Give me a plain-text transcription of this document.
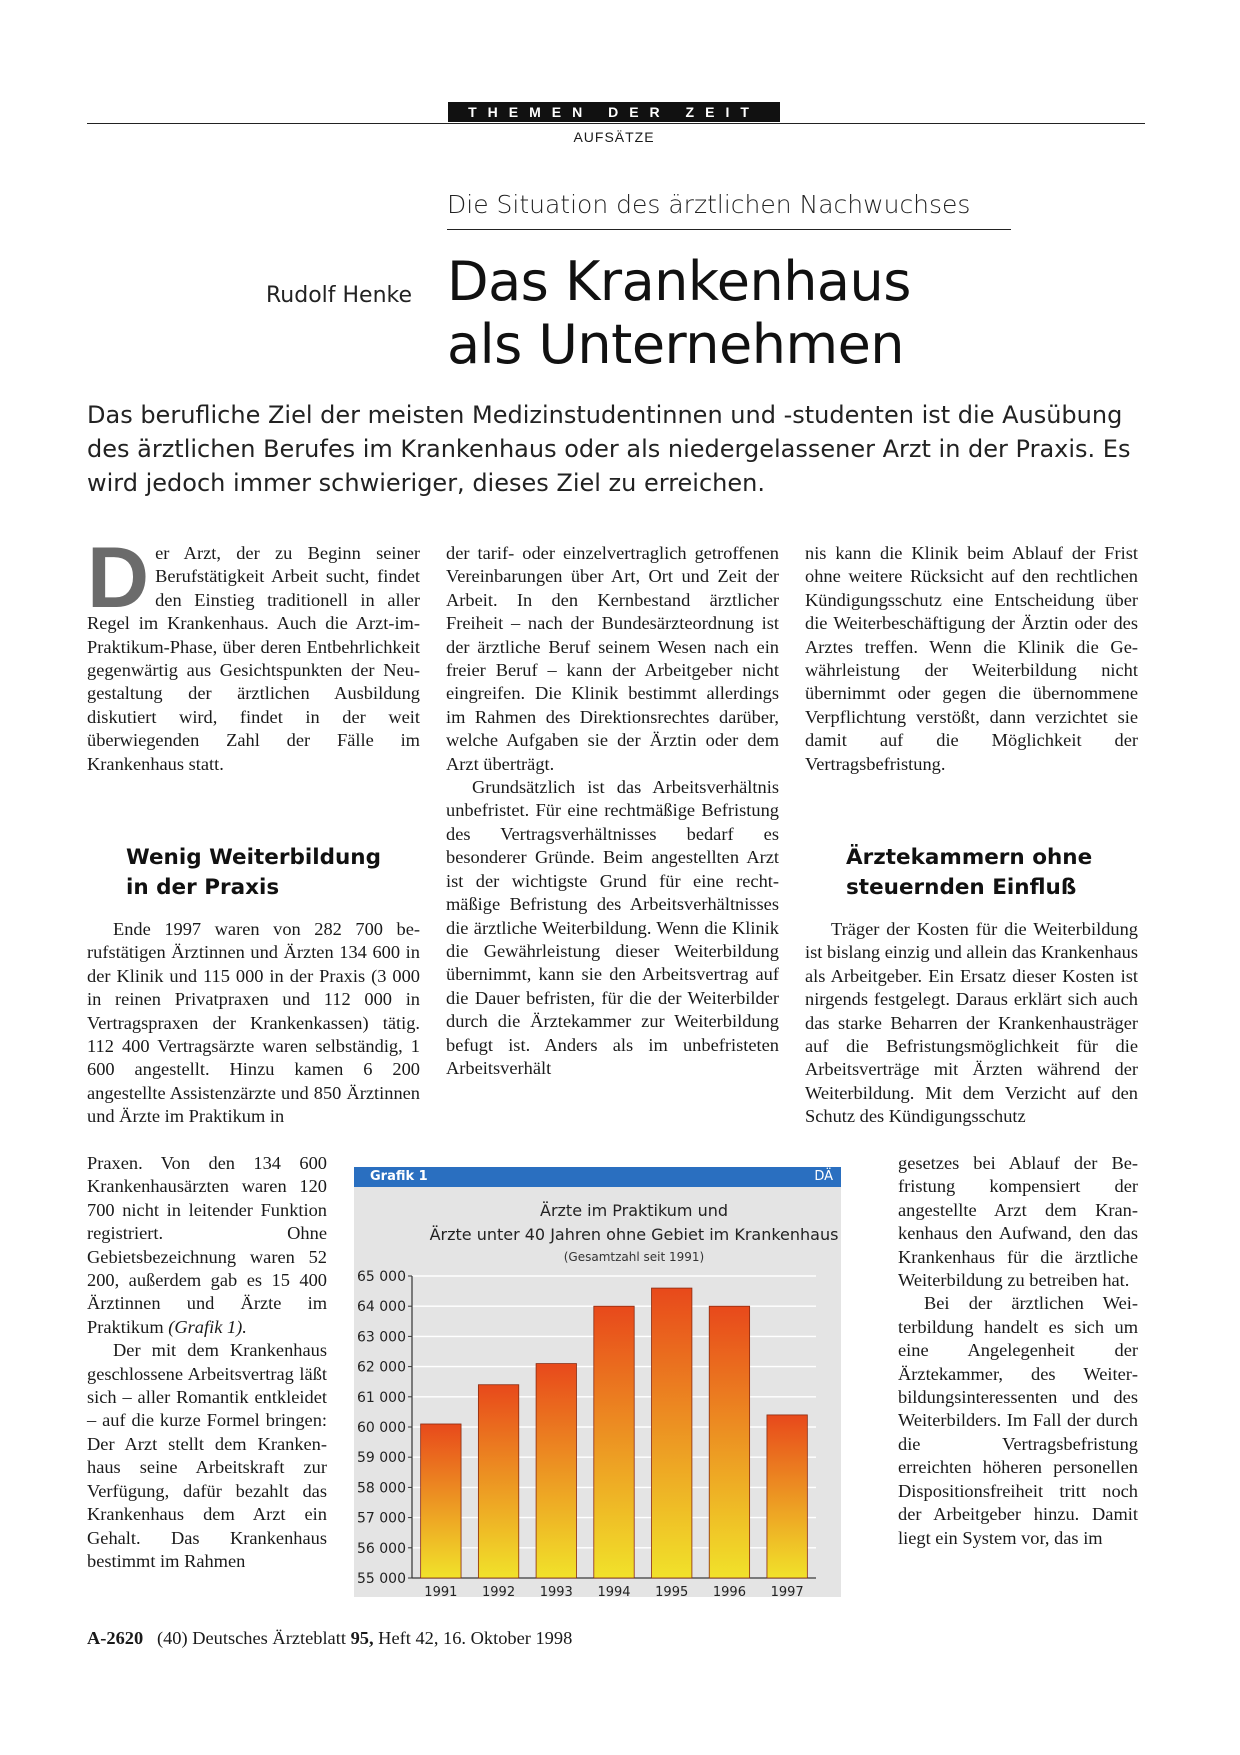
THEMEN DER ZEIT
AUFSÄTZE
Die Situation des ärztlichen Nachwuchses
Rudolf Henke Das Krankenhaus
als Unternehmen
Das berufliche Ziel der meisten Medizinstudentinnen und -studenten ist die Ausübung des ärztlichen Berufes im Krankenhaus oder als niedergelassener Arzt in der Praxis. Es wird jedoch immer schwieriger, dieses Ziel zu erreichen.

Der Arzt, der zu Beginn seiner Berufstätigkeit Arbeit sucht, findet den Einstieg traditionell in aller Regel im Krankenhaus. Auch die Arzt-im-Praktikum-Phase, über deren Entbehrlichkeit gegenwärtig aus Gesichtspunkten der Neugestaltung der ärztlichen Ausbildung diskutiert wird, findet in der weit überwiegenden Zahl der Fälle im Krankenhaus statt.

Wenig Weiterbildung in der Praxis

Ende 1997 waren von 282 700 berufstätigen Ärztinnen und Ärzten 134 600 in der Klinik und 115 000 in der Praxis (3 000 in reinen Privatpraxen und 112 000 in Vertragspraxen der Krankenkassen) tätig. 112 400 Vertragsärzte waren selbständig, 1 600 angestellt. Hinzu kamen 6 200 angestellte Assistenzärzte und 850 Ärztinnen und Ärzte im Praktikum in

Praxen. Von den 134 600 Krankenhausärzten waren 120 700 nicht in leitender Funktion registriert. Ohne Gebietsbezeichnung waren 52 200, außerdem gab es 15 400 Ärztinnen und Ärzte im Praktikum (Grafik 1).

Der mit dem Krankenhaus geschlossene Arbeitsvertrag läßt sich – aller Romantik entkleidet – auf die kurze Formel bringen: Der Arzt stellt dem Krankenhaus seine Arbeitskraft zur Verfügung, dafür bezahlt das Krankenhaus dem Arzt ein Gehalt. Das Krankenhaus bestimmt im Rahmen

der tarif- oder einzelvertraglich getroffenen Vereinbarungen über Art, Ort und Zeit der Arbeit. In den Kernbestand ärztlicher Freiheit – nach der Bundesärzteordnung ist der ärztliche Beruf seinem Wesen nach ein freier Beruf – kann der Arbeitgeber nicht eingreifen. Die Klinik bestimmt allerdings im Rahmen des Direktionsrechtes darüber, welche Aufgaben sie der Ärztin oder dem Arzt überträgt.

Grundsätzlich ist das Arbeitsverhältnis unbefristet. Für eine rechtmäßige Befristung des Vertragsverhältnisses bedarf es besonderer Gründe. Beim angestellten Arzt ist der wichtigste Grund für eine rechtmäßige Befristung des Arbeitsverhältnisses die ärztliche Weiterbildung. Wenn die Klinik die Gewährleistung dieser Weiterbildung übernimmt, kann sie den Arbeitsvertrag auf die Dauer befristen, für die der Weiterbilder durch die Ärztekammer zur Weiterbildung befugt ist. Anders als im unbefristeten Arbeitsverhält

nis kann die Klinik beim Ablauf der Frist ohne weitere Rücksicht auf den rechtlichen Kündigungsschutz eine Entscheidung über die Weiterbeschäftigung der Ärztin oder des Arztes treffen. Wenn die Klinik die Gewährleistung der Weiterbildung nicht übernimmt oder gegen die übernommene Verpflichtung verstößt, dann verzichtet sie damit auf die Möglichkeit der Vertragsbefristung.

Ärztekammern ohne steuernden Einfluß

Träger der Kosten für die Weiterbildung ist bislang einzig und allein das Krankenhaus als Arbeitgeber. Ein Ersatz dieser Kosten ist nirgends festgelegt. Daraus erklärt sich auch das starke Beharren der Krankenhausträger auf die Befristungsmöglichkeit für die Arbeitsverträge mit Ärzten während der Weiterbildung. Mit dem Verzicht auf den Schutz des Kündigungsschutz

gesetzes bei Ablauf der Befristung kompensiert der angestellte Arzt dem Krankenhaus den Aufwand, den das Krankenhaus für die ärztliche Weiterbildung zu betreiben hat.

Bei der ärztlichen Weiterbildung handelt es sich um eine Angelegenheit der Ärztekammer, des Weiterbildungsinteressenten und des Weiterbilders. Im Fall der durch die Vertragsbefristung erreichten höheren personellen Dispositionsfreiheit tritt noch der Arbeitgeber hinzu. Damit liegt ein System vor, das im

Grafik 1	DÄ
Ärzte im Praktikum und
Ärzte unter 40 Jahren ohne Gebiet im Krankenhaus
(Gesamtzahl seit 1991)
55 000
56 000
57 000
58 000
59 000
60 000
61 000
62 000
63 000
64 000
65 000
1991 1992 1993 1994 1995 1996 1997
A-2620 (40) Deutsches Ärzteblatt 95, Heft 42, 16. Oktober 1998
